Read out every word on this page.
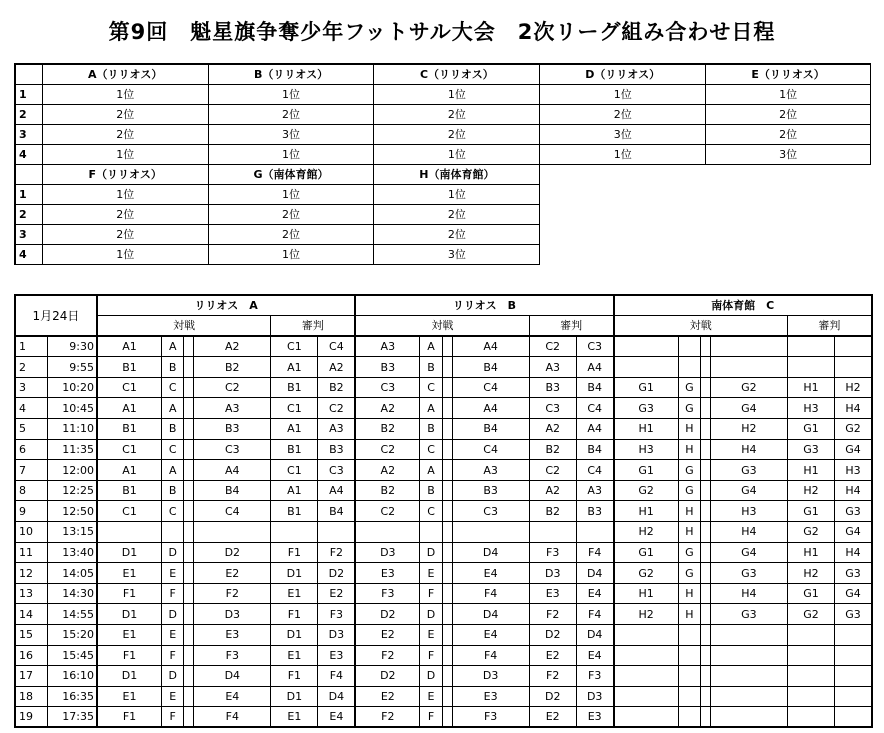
第9回　魁星旗争奪少年フットサル大会　2次リーグ組み合わせ日程
	A（リリオス）	B（リリオス）	C（リリオス）	D（リリオス）	E（リリオス）
1	1位	1位	1位	1位	1位
2	2位	2位	2位	2位	2位
3	2位	3位	2位	3位	2位
4	1位	1位	1位	1位	3位
	F（リリオス）	G（南体育館）	H（南体育館）		
1	1位	1位	1位		
2	2位	2位	2位		
3	2位	2位	2位		
4	1位	1位	3位		
1月24日		リリオス　A						リリオス　B						南体育館　C					
		対戦				審判		対戦				審判		対戦				審判	
1	9:30	A1	A		A2	C1	C4	A3	A		A4	C2	C3						
2	9:55	B1	B		B2	A1	A2	B3	B		B4	A3	A4						
3	10:20	C1	C		C2	B1	B2	C3	C		C4	B3	B4	G1	G		G2	H1	H2
4	10:45	A1	A		A3	C1	C2	A2	A		A4	C3	C4	G3	G		G4	H3	H4
5	11:10	B1	B		B3	A1	A3	B2	B		B4	A2	A4	H1	H		H2	G1	G2
6	11:35	C1	C		C3	B1	B3	C2	C		C4	B2	B4	H3	H		H4	G3	G4
7	12:00	A1	A		A4	C1	C3	A2	A		A3	C2	C4	G1	G		G3	H1	H3
8	12:25	B1	B		B4	A1	A4	B2	B		B3	A2	A3	G2	G		G4	H2	H4
9	12:50	C1	C		C4	B1	B4	C2	C		C3	B2	B3	H1	H		H3	G1	G3
10	13:15													H2	H		H4	G2	G4
11	13:40	D1	D		D2	F1	F2	D3	D		D4	F3	F4	G1	G		G4	H1	H4
12	14:05	E1	E		E2	D1	D2	E3	E		E4	D3	D4	G2	G		G3	H2	G3
13	14:30	F1	F		F2	E1	E2	F3	F		F4	E3	E4	H1	H		H4	G1	G4
14	14:55	D1	D		D3	F1	F3	D2	D		D4	F2	F4	H2	H		G3	G2	G3
15	15:20	E1	E		E3	D1	D3	E2	E		E4	D2	D4						
16	15:45	F1	F		F3	E1	E3	F2	F		F4	E2	E4						
17	16:10	D1	D		D4	F1	F4	D2	D		D3	F2	F3						
18	16:35	E1	E		E4	D1	D4	E2	E		E3	D2	D3						
19	17:35	F1	F		F4	E1	E4	F2	F		F3	E2	E3						
